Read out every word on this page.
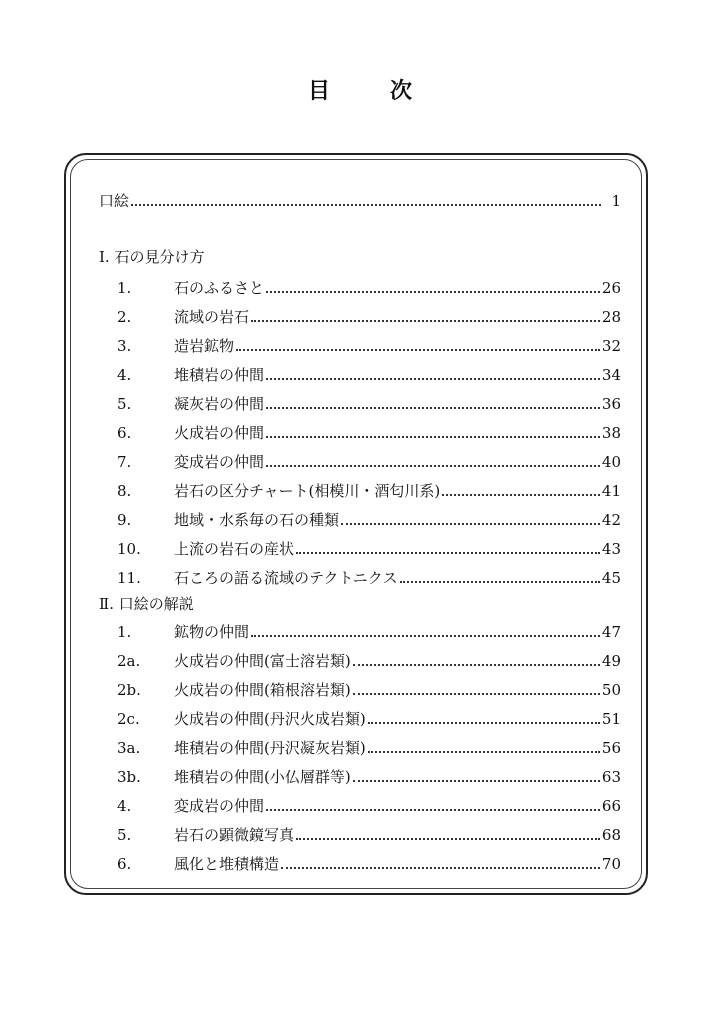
目	次
口絵	1
Ⅰ. 石の見分け方
1.	石のふるさと	26
2.	流域の岩石	28
3.	造岩鉱物	32
4.	堆積岩の仲間	34
5.	凝灰岩の仲間	36
6.	火成岩の仲間	38
7.	変成岩の仲間	40
8.	岩石の区分チャート(相模川・酒匂川系)	41
9.	地域・水系毎の石の種類	42
10.	上流の岩石の産状	43
11.	石ころの語る流域のテクトニクス	45
Ⅱ. 口絵の解説
1.	鉱物の仲間	47
2a.	火成岩の仲間(富士溶岩類)	49
2b.	火成岩の仲間(箱根溶岩類)	50
2c.	火成岩の仲間(丹沢火成岩類)	51
3a.	堆積岩の仲間(丹沢凝灰岩類)	56
3b.	堆積岩の仲間(小仏層群等)	63
4.	変成岩の仲間	66
5.	岩石の顕微鏡写真	68
6.	風化と堆積構造	70
